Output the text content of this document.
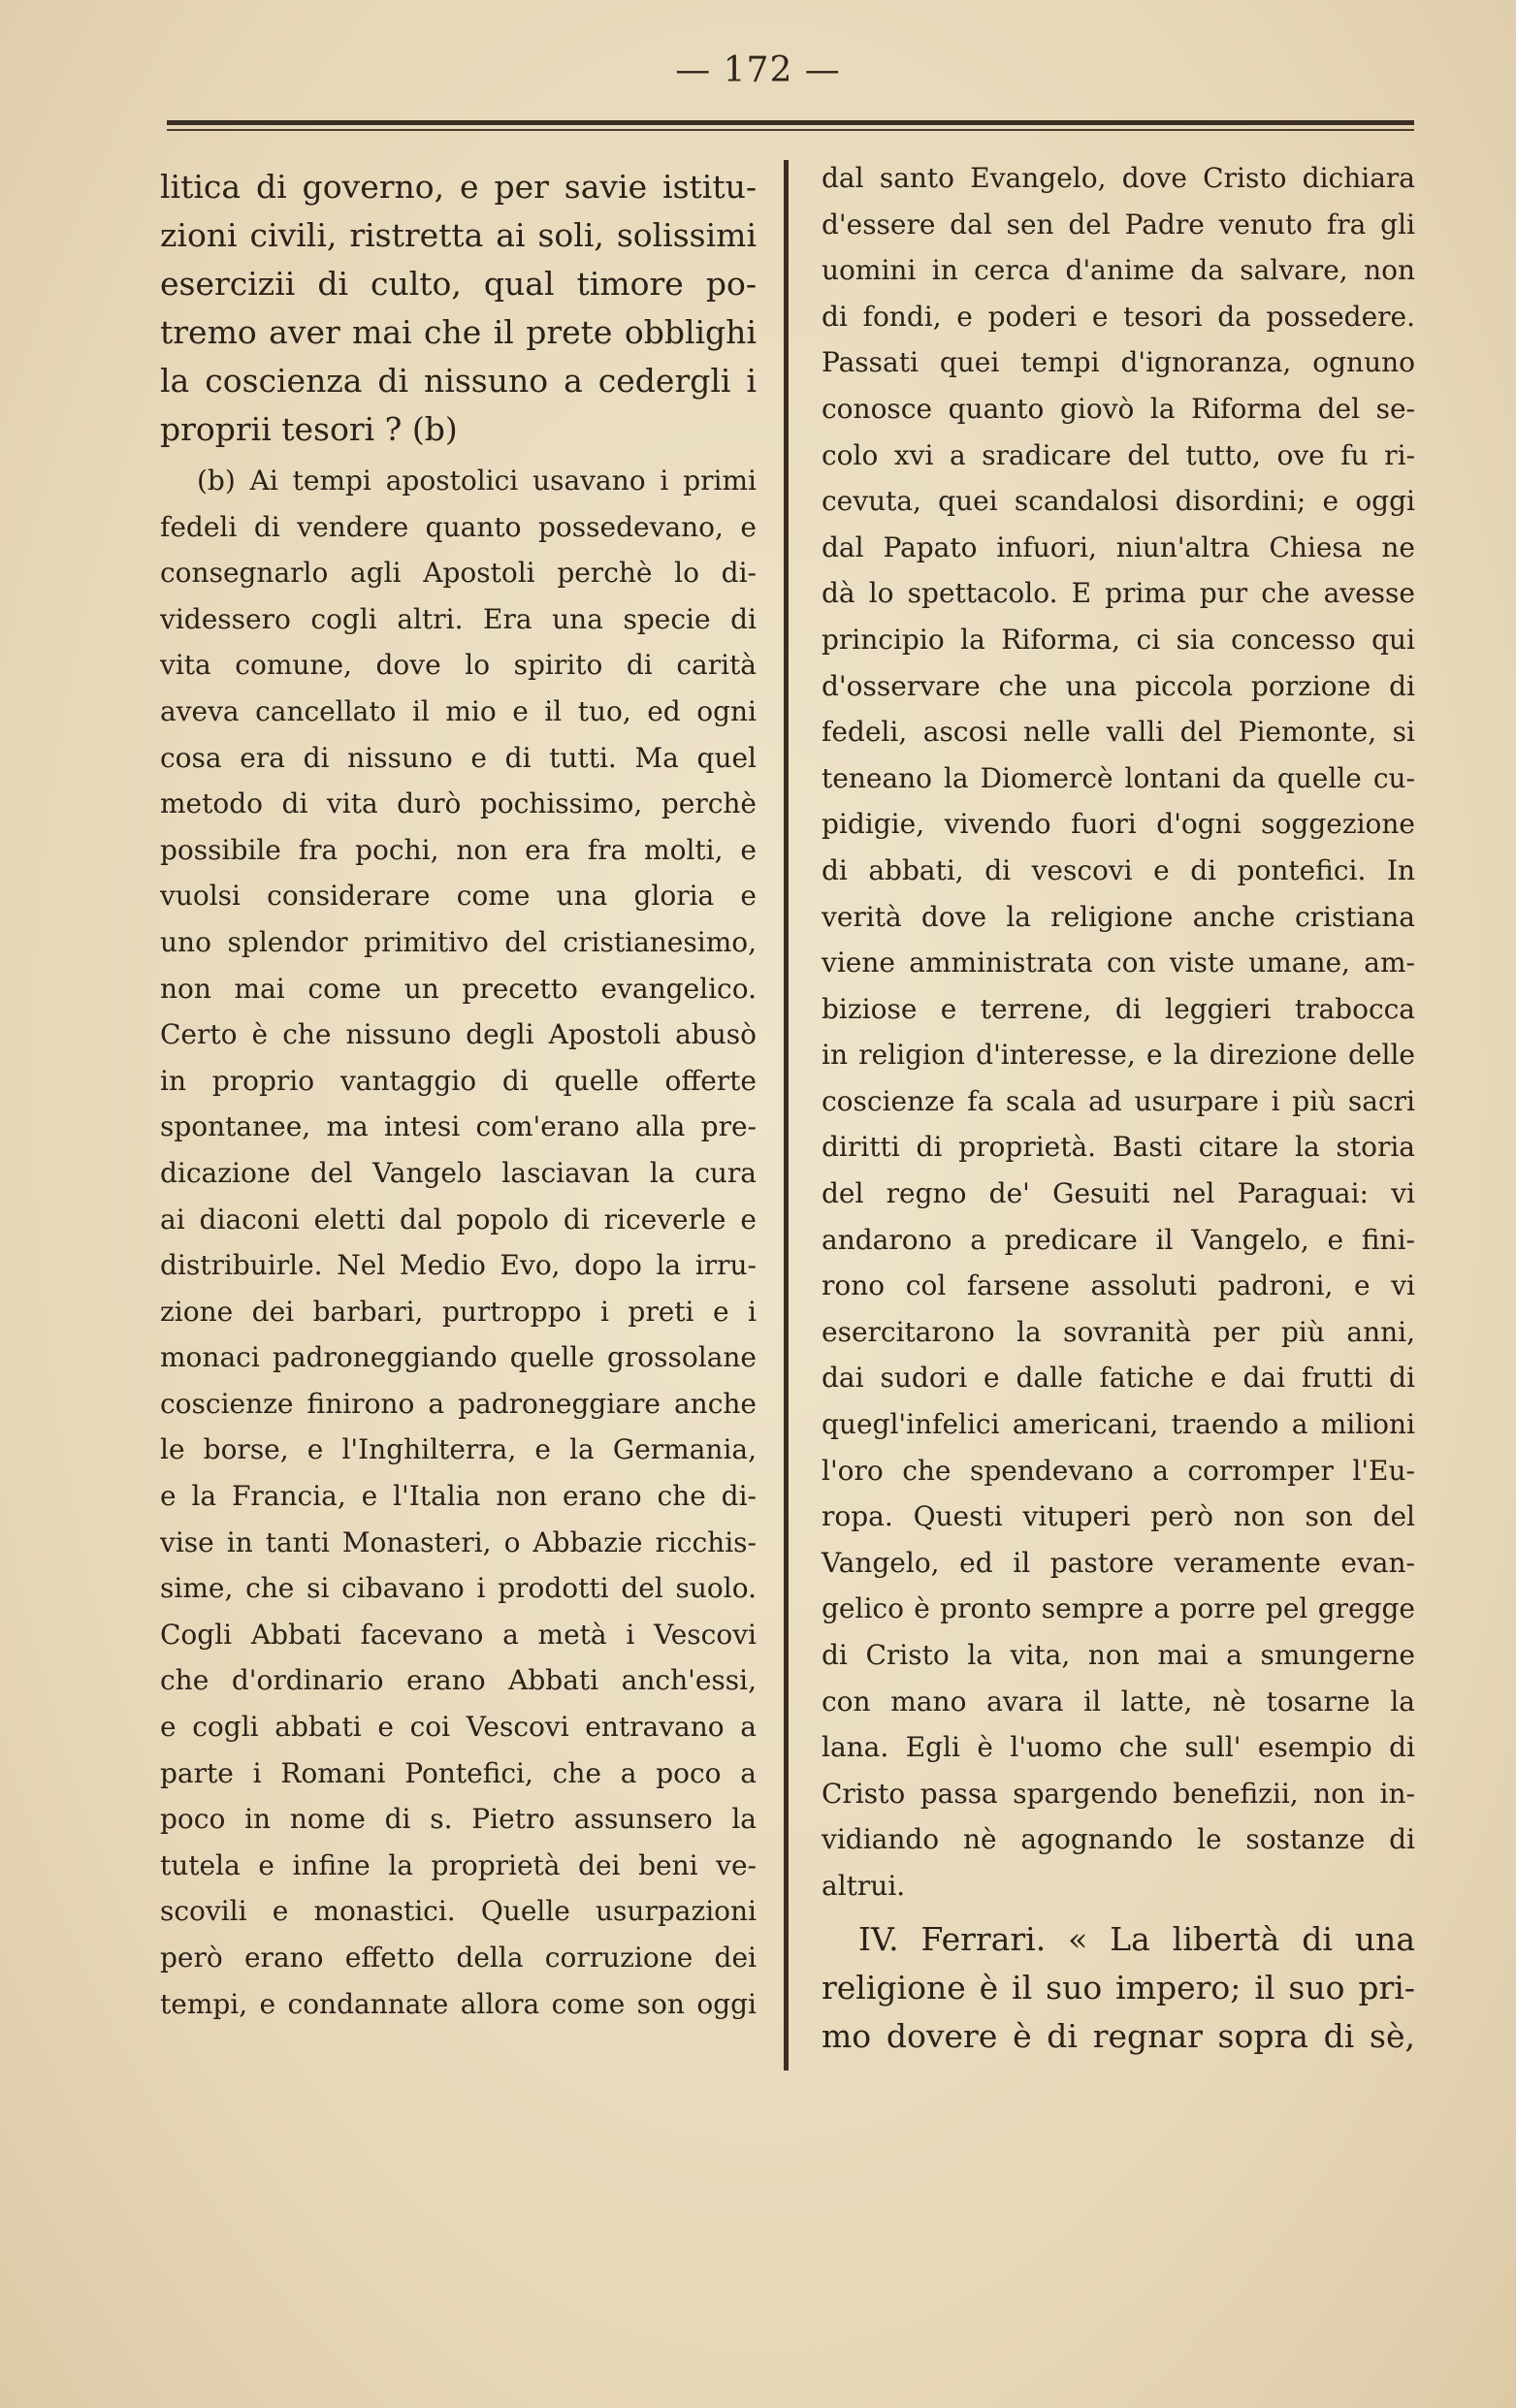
— 172 —
litica di governo, e per savie istitu-
zioni civili, ristretta ai soli, solissimi
esercizii di culto, qual timore po-
tremo aver mai che il prete obblighi
la coscienza di nissuno a cedergli i
proprii tesori ? (b)
(b) Ai tempi apostolici usavano i primi
fedeli di vendere quanto possedevano, e
consegnarlo agli Apostoli perchè lo di-
videssero cogli altri. Era una specie di
vita comune, dove lo spirito di carità
aveva cancellato il mio e il tuo, ed ogni
cosa era di nissuno e di tutti. Ma quel
metodo di vita durò pochissimo, perchè
possibile fra pochi, non era fra molti, e
vuolsi considerare come una gloria e
uno splendor primitivo del cristianesimo,
non mai come un precetto evangelico.
Certo è che nissuno degli Apostoli abusò
in proprio vantaggio di quelle offerte
spontanee, ma intesi com'erano alla pre-
dicazione del Vangelo lasciavan la cura
ai diaconi eletti dal popolo di riceverle e
distribuirle. Nel Medio Evo, dopo la irru-
zione dei barbari, purtroppo i preti e i
monaci padroneggiando quelle grossolane
coscienze finirono a padroneggiare anche
le borse, e l'Inghilterra, e la Germania,
e la Francia, e l'Italia non erano che di-
vise in tanti Monasteri, o Abbazie ricchis-
sime, che si cibavano i prodotti del suolo.
Cogli Abbati facevano a metà i Vescovi
che d'ordinario erano Abbati anch'essi,
e cogli abbati e coi Vescovi entravano a
parte i Romani Pontefici, che a poco a
poco in nome di s. Pietro assunsero la
tutela e infine la proprietà dei beni ve-
scovili e monastici. Quelle usurpazioni
però erano effetto della corruzione dei
tempi, e condannate allora come son oggi
dal santo Evangelo, dove Cristo dichiara
d'essere dal sen del Padre venuto fra gli
uomini in cerca d'anime da salvare, non
di fondi, e poderi e tesori da possedere.
Passati quei tempi d'ignoranza, ognuno
conosce quanto giovò la Riforma del se-
colo xvi a sradicare del tutto, ove fu ri-
cevuta, quei scandalosi disordini; e oggi
dal Papato infuori, niun'altra Chiesa ne
dà lo spettacolo. E prima pur che avesse
principio la Riforma, ci sia concesso qui
d'osservare che una piccola porzione di
fedeli, ascosi nelle valli del Piemonte, si
teneano la Diomercè lontani da quelle cu-
pidigie, vivendo fuori d'ogni soggezione
di abbati, di vescovi e di pontefici. In
verità dove la religione anche cristiana
viene amministrata con viste umane, am-
biziose e terrene, di leggieri trabocca
in religion d'interesse, e la direzione delle
coscienze fa scala ad usurpare i più sacri
diritti di proprietà. Basti citare la storia
del regno de' Gesuiti nel Paraguai: vi
andarono a predicare il Vangelo, e fini-
rono col farsene assoluti padroni, e vi
esercitarono la sovranità per più anni,
dai sudori e dalle fatiche e dai frutti di
quegl'infelici americani, traendo a milioni
l'oro che spendevano a corromper l'Eu-
ropa. Questi vituperi però non son del
Vangelo, ed il pastore veramente evan-
gelico è pronto sempre a porre pel gregge
di Cristo la vita, non mai a smungerne
con mano avara il latte, nè tosarne la
lana. Egli è l'uomo che sull' esempio di
Cristo passa spargendo benefizii, non in-
vidiando nè agognando le sostanze di
altrui.
IV. Ferrari. « La libertà di una
religione è il suo impero; il suo pri-
mo dovere è di regnar sopra di sè,
